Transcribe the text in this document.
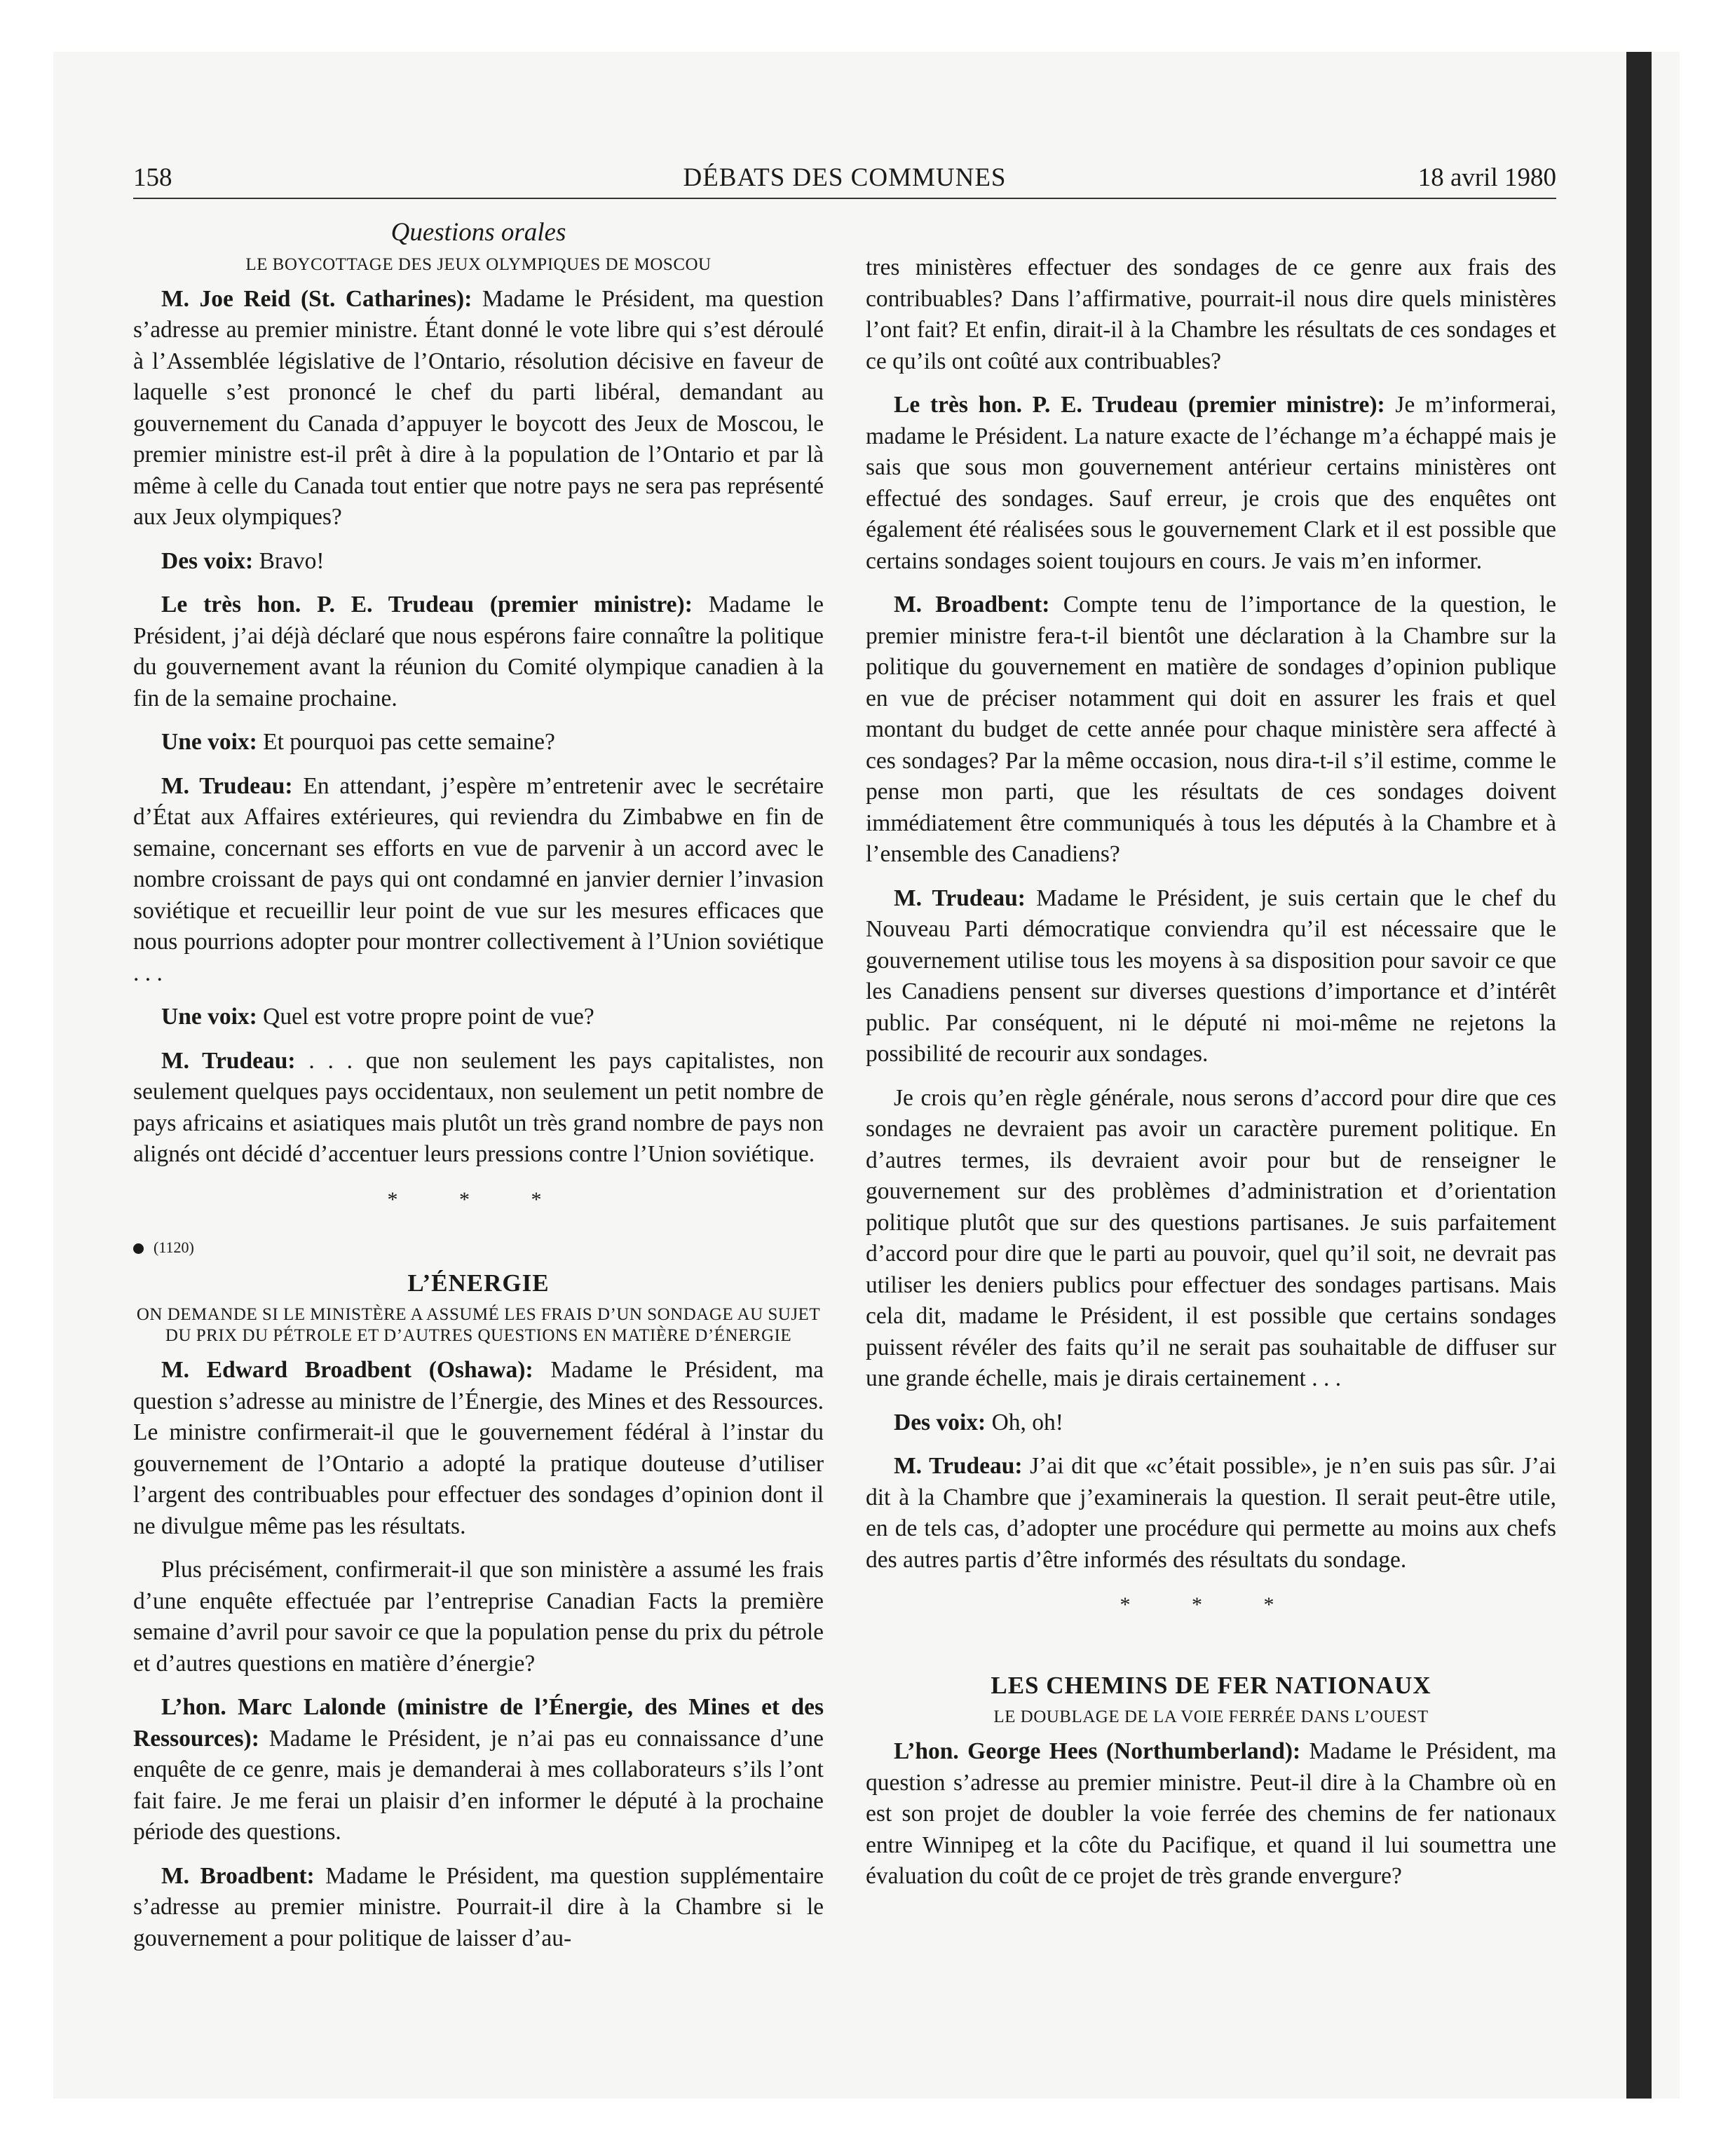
158	DÉBATS DES COMMUNES	18 avril 1980
Questions orales
LE BOYCOTTAGE DES JEUX OLYMPIQUES DE MOSCOU

M. Joe Reid (St. Catharines): Madame le Président, ma question s’adresse au premier ministre. Étant donné le vote libre qui s’est déroulé à l’Assemblée législative de l’Ontario, résolution décisive en faveur de laquelle s’est prononcé le chef du parti libéral, demandant au gouvernement du Canada d’appuyer le boycott des Jeux de Moscou, le premier ministre est-il prêt à dire à la population de l’Ontario et par là même à celle du Canada tout entier que notre pays ne sera pas représenté aux Jeux olympiques?

Des voix: Bravo!

Le très hon. P. E. Trudeau (premier ministre): Madame le Président, j’ai déjà déclaré que nous espérons faire connaître la politique du gouvernement avant la réunion du Comité olympique canadien à la fin de la semaine prochaine.

Une voix: Et pourquoi pas cette semaine?

M. Trudeau: En attendant, j’espère m’entretenir avec le secrétaire d’État aux Affaires extérieures, qui reviendra du Zimbabwe en fin de semaine, concernant ses efforts en vue de parvenir à un accord avec le nombre croissant de pays qui ont condamné en janvier dernier l’invasion soviétique et recueillir leur point de vue sur les mesures efficaces que nous pourrions adopter pour montrer collectivement à l’Union soviétique . . .

Une voix: Quel est votre propre point de vue?

M. Trudeau: . . . que non seulement les pays capitalistes, non seulement quelques pays occidentaux, non seulement un petit nombre de pays africains et asiatiques mais plutôt un très grand nombre de pays non alignés ont décidé d’accentuer leurs pressions contre l’Union soviétique.

* * *
(1120)
L’ÉNERGIE
ON DEMANDE SI LE MINISTÈRE A ASSUMÉ LES FRAIS D’UN SONDAGE AU SUJET DU PRIX DU PÉTROLE ET D’AUTRES QUESTIONS EN MATIÈRE D’ÉNERGIE

M. Edward Broadbent (Oshawa): Madame le Président, ma question s’adresse au ministre de l’Énergie, des Mines et des Ressources. Le ministre confirmerait-il que le gouvernement fédéral à l’instar du gouvernement de l’Ontario a adopté la pratique douteuse d’utiliser l’argent des contribuables pour effectuer des sondages d’opinion dont il ne divulgue même pas les résultats.

Plus précisément, confirmerait-il que son ministère a assumé les frais d’une enquête effectuée par l’entreprise Canadian Facts la première semaine d’avril pour savoir ce que la population pense du prix du pétrole et d’autres questions en matière d’énergie?

L’hon. Marc Lalonde (ministre de l’Énergie, des Mines et des Ressources): Madame le Président, je n’ai pas eu connaissance d’une enquête de ce genre, mais je demanderai à mes collaborateurs s’ils l’ont fait faire. Je me ferai un plaisir d’en informer le député à la prochaine période des questions.

M. Broadbent: Madame le Président, ma question supplémentaire s’adresse au premier ministre. Pourrait-il dire à la Chambre si le gouvernement a pour politique de laisser d’au-

tres ministères effectuer des sondages de ce genre aux frais des contribuables? Dans l’affirmative, pourrait-il nous dire quels ministères l’ont fait? Et enfin, dirait-il à la Chambre les résultats de ces sondages et ce qu’ils ont coûté aux contribuables?

Le très hon. P. E. Trudeau (premier ministre): Je m’informerai, madame le Président. La nature exacte de l’échange m’a échappé mais je sais que sous mon gouvernement antérieur certains ministères ont effectué des sondages. Sauf erreur, je crois que des enquêtes ont également été réalisées sous le gouvernement Clark et il est possible que certains sondages soient toujours en cours. Je vais m’en informer.

M. Broadbent: Compte tenu de l’importance de la question, le premier ministre fera-t-il bientôt une déclaration à la Chambre sur la politique du gouvernement en matière de sondages d’opinion publique en vue de préciser notamment qui doit en assurer les frais et quel montant du budget de cette année pour chaque ministère sera affecté à ces sondages? Par la même occasion, nous dira-t-il s’il estime, comme le pense mon parti, que les résultats de ces sondages doivent immédiatement être communiqués à tous les députés à la Chambre et à l’ensemble des Canadiens?

M. Trudeau: Madame le Président, je suis certain que le chef du Nouveau Parti démocratique conviendra qu’il est nécessaire que le gouvernement utilise tous les moyens à sa disposition pour savoir ce que les Canadiens pensent sur diverses questions d’importance et d’intérêt public. Par conséquent, ni le député ni moi-même ne rejetons la possibilité de recourir aux sondages.

Je crois qu’en règle générale, nous serons d’accord pour dire que ces sondages ne devraient pas avoir un caractère purement politique. En d’autres termes, ils devraient avoir pour but de renseigner le gouvernement sur des problèmes d’administration et d’orientation politique plutôt que sur des questions partisanes. Je suis parfaitement d’accord pour dire que le parti au pouvoir, quel qu’il soit, ne devrait pas utiliser les deniers publics pour effectuer des sondages partisans. Mais cela dit, madame le Président, il est possible que certains sondages puissent révéler des faits qu’il ne serait pas souhaitable de diffuser sur une grande échelle, mais je dirais certainement . . .

Des voix: Oh, oh!

M. Trudeau: J’ai dit que «c’était possible», je n’en suis pas sûr. J’ai dit à la Chambre que j’examinerais la question. Il serait peut-être utile, en de tels cas, d’adopter une procédure qui permette au moins aux chefs des autres partis d’être informés des résultats du sondage.

* * *
LES CHEMINS DE FER NATIONAUX
LE DOUBLAGE DE LA VOIE FERRÉE DANS L’OUEST

L’hon. George Hees (Northumberland): Madame le Président, ma question s’adresse au premier ministre. Peut-il dire à la Chambre où en est son projet de doubler la voie ferrée des chemins de fer nationaux entre Winnipeg et la côte du Pacifique, et quand il lui soumettra une évaluation du coût de ce projet de très grande envergure?
